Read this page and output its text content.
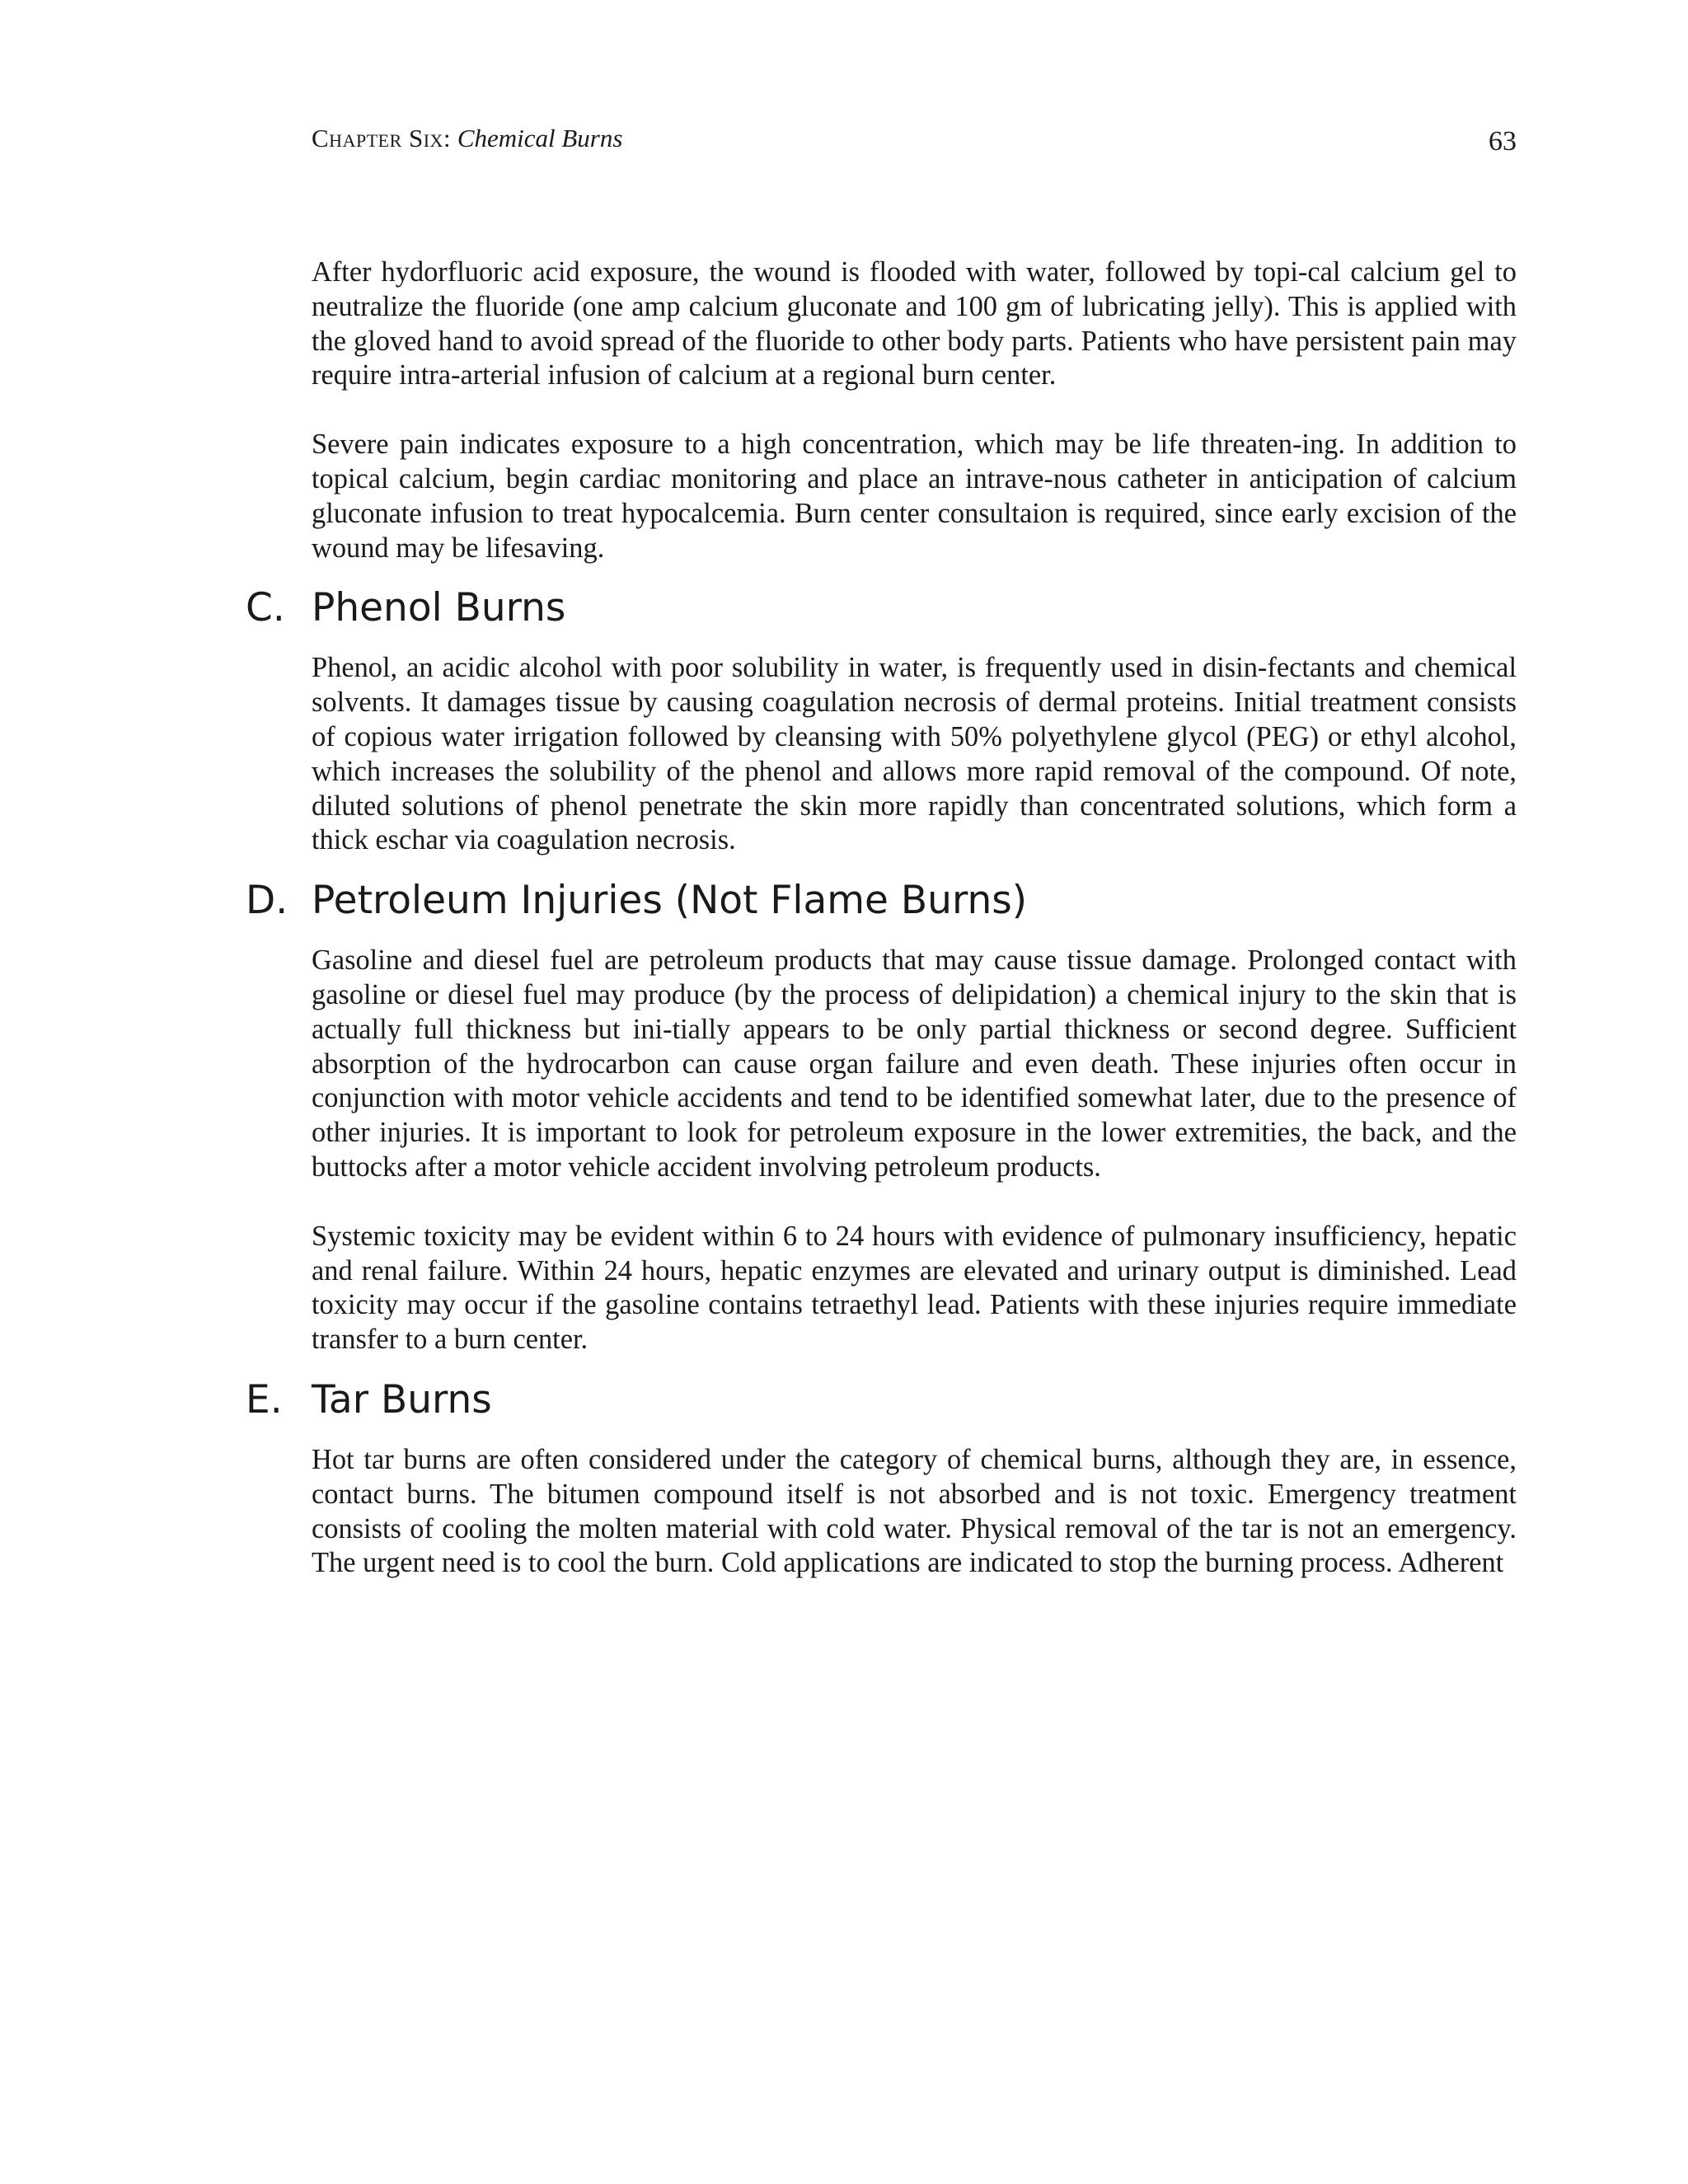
Chapter Six: Chemical Burns	63

After hydorfluoric acid exposure, the wound is flooded with water, followed by topi-cal calcium gel to neutralize the fluoride (one amp calcium gluconate and 100 gm of lubricating jelly). This is applied with the gloved hand to avoid spread of the fluoride to other body parts. Patients who have persistent pain may require intra-arterial infusion of calcium at a regional burn center.

Severe pain indicates exposure to a high concentration, which may be life threaten-ing. In addition to topical calcium, begin cardiac monitoring and place an intrave-nous catheter in anticipation of calcium gluconate infusion to treat hypocalcemia. Burn center consultaion is required, since early excision of the wound may be lifesaving.

C. Phenol Burns

Phenol, an acidic alcohol with poor solubility in water, is frequently used in disin-fectants and chemical solvents. It damages tissue by causing coagulation necrosis of dermal proteins. Initial treatment consists of copious water irrigation followed by cleansing with 50% polyethylene glycol (PEG) or ethyl alcohol, which increases the solubility of the phenol and allows more rapid removal of the compound. Of note, diluted solutions of phenol penetrate the skin more rapidly than concentrated solutions, which form a thick eschar via coagulation necrosis.

D. Petroleum Injuries (Not Flame Burns)

Gasoline and diesel fuel are petroleum products that may cause tissue damage. Prolonged contact with gasoline or diesel fuel may produce (by the process of delipidation) a chemical injury to the skin that is actually full thickness but ini-tially appears to be only partial thickness or second degree. Sufficient absorption of the hydrocarbon can cause organ failure and even death. These injuries often occur in conjunction with motor vehicle accidents and tend to be identified somewhat later, due to the presence of other injuries. It is important to look for petroleum exposure in the lower extremities, the back, and the buttocks after a motor vehicle accident involving petroleum products.

Systemic toxicity may be evident within 6 to 24 hours with evidence of pulmonary insufficiency, hepatic and renal failure. Within 24 hours, hepatic enzymes are elevated and urinary output is diminished. Lead toxicity may occur if the gasoline contains tetraethyl lead. Patients with these injuries require immediate transfer to a burn center.

E. Tar Burns

Hot tar burns are often considered under the category of chemical burns, although they are, in essence, contact burns. The bitumen compound itself is not absorbed and is not toxic. Emergency treatment consists of cooling the molten material with cold water. Physical removal of the tar is not an emergency. The urgent need is to cool the burn. Cold applications are indicated to stop the burning process. Adherent
